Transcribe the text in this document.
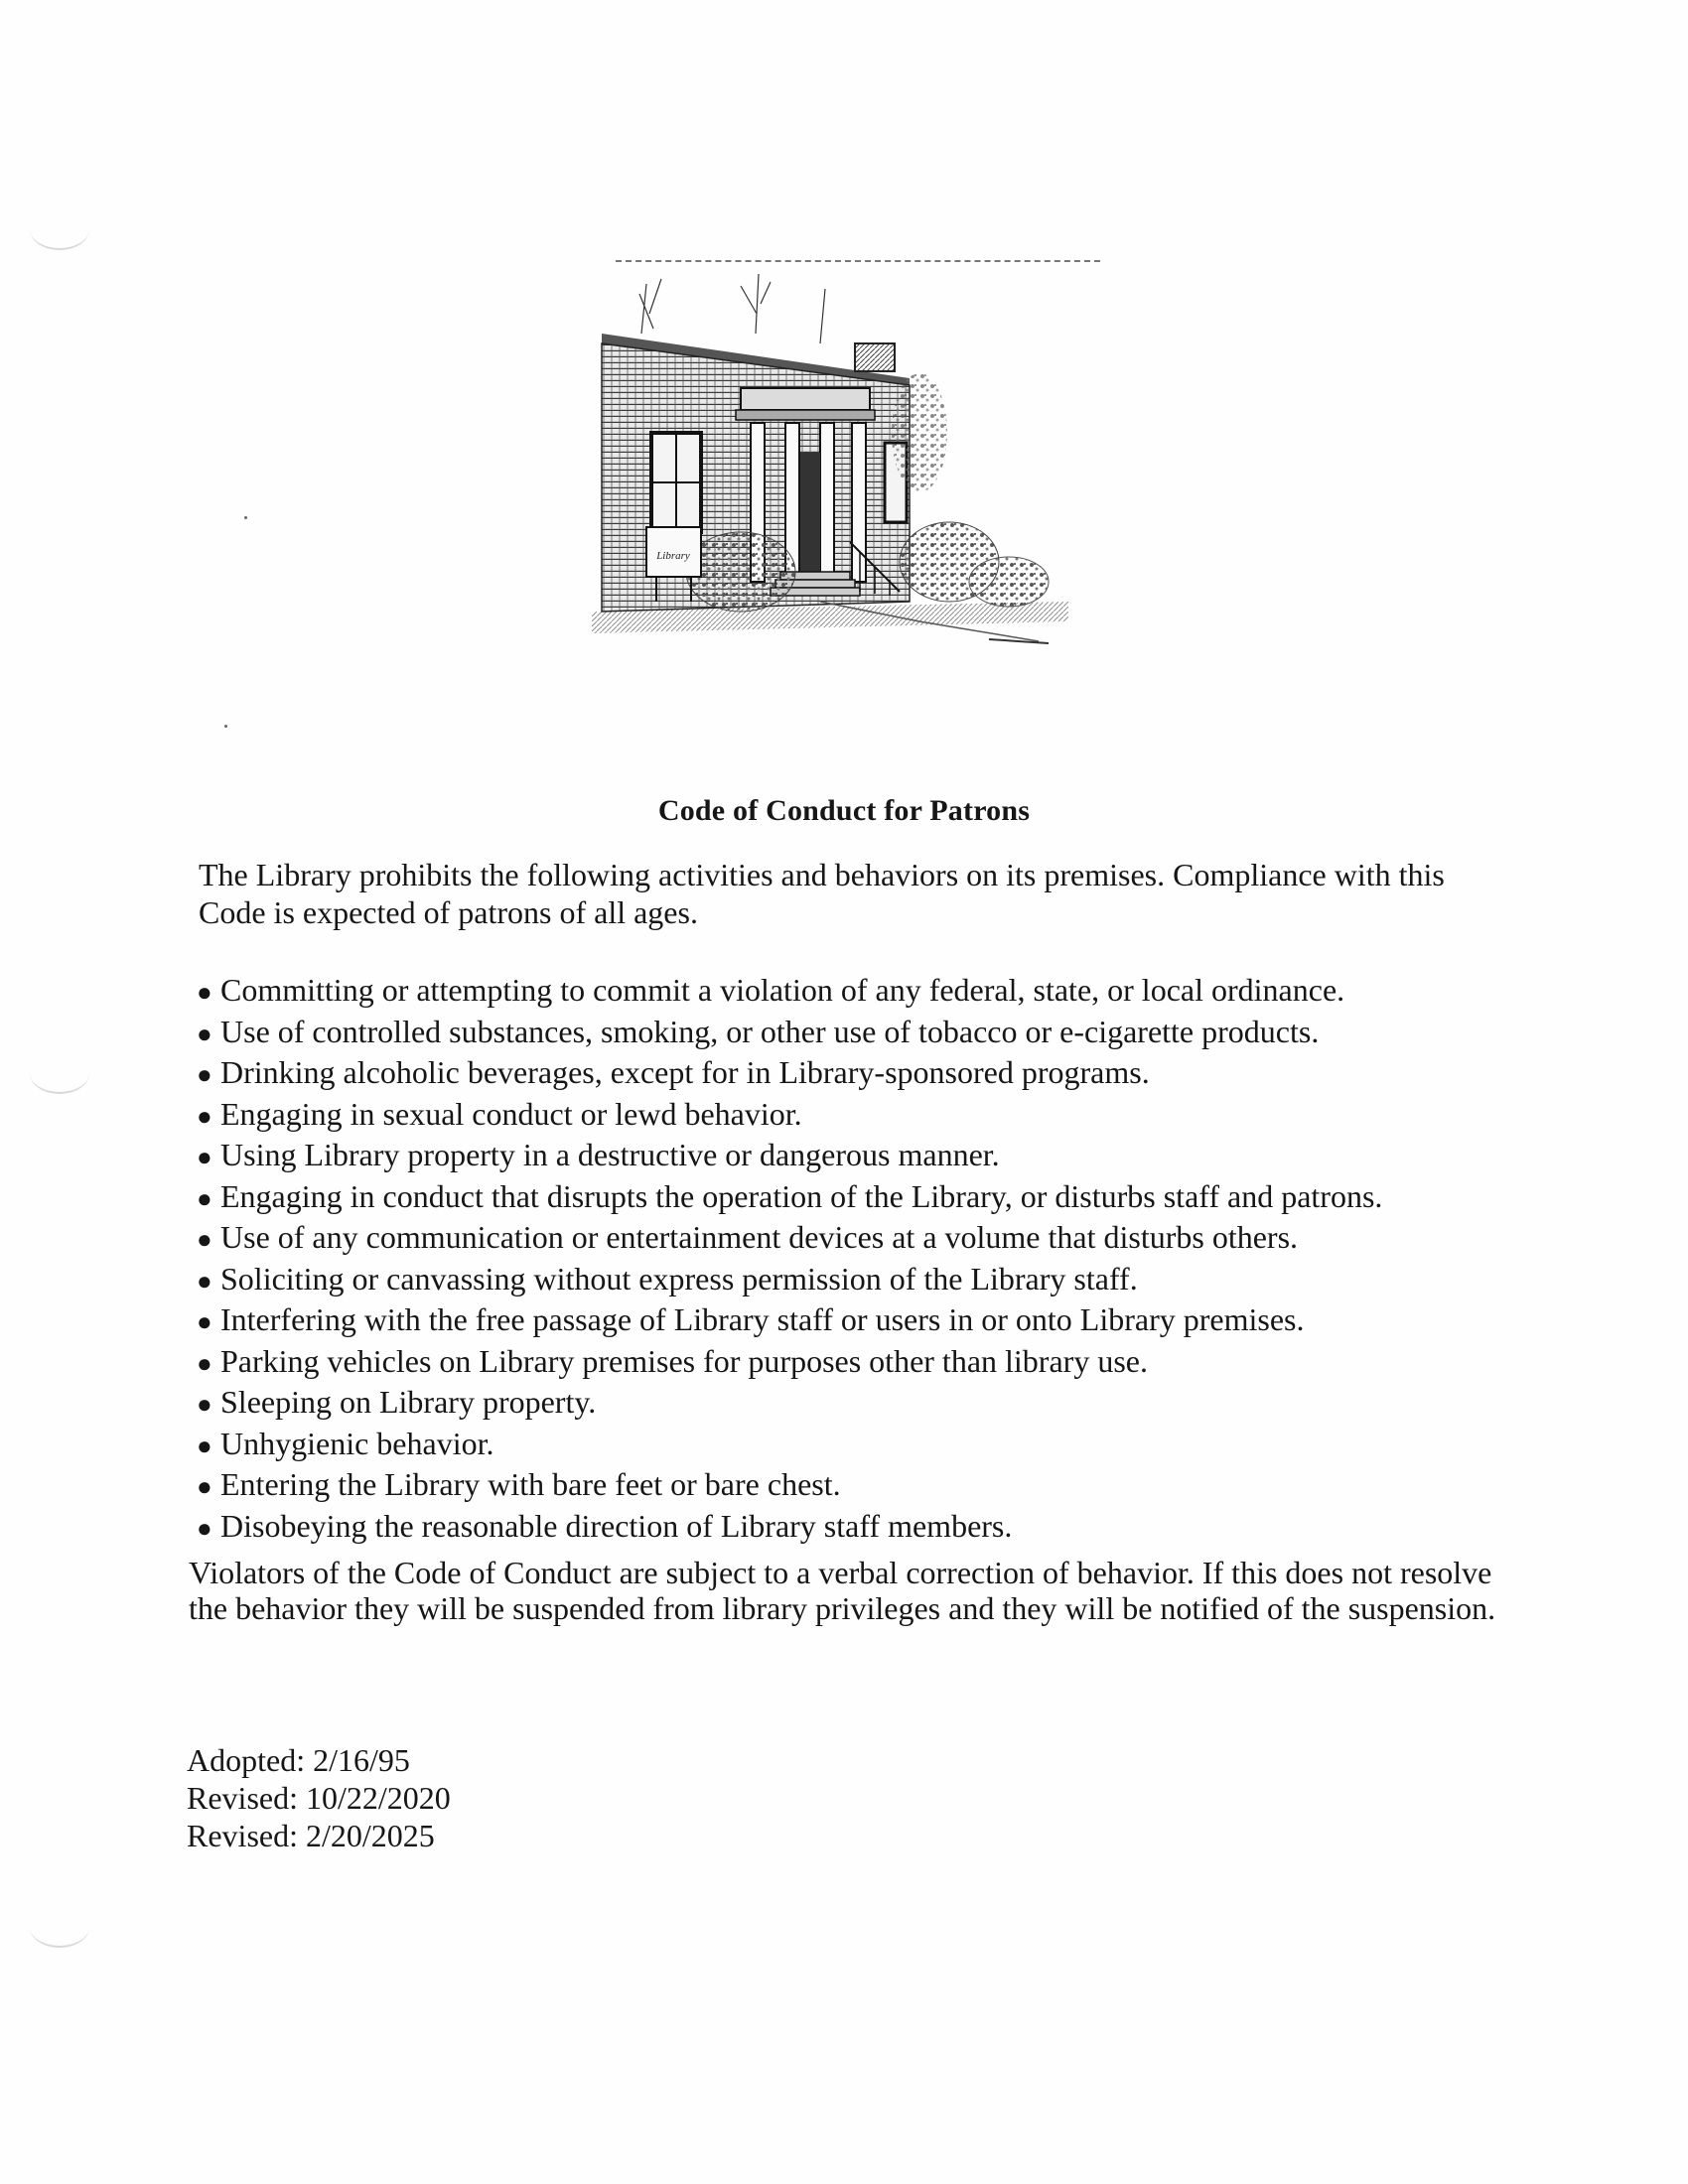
Library
Code of Conduct for Patrons
The Library prohibits the following activities and behaviors on its premises. Compliance with this Code is expected of patrons of all ages.
● Committing or attempting to commit a violation of any federal, state, or local ordinance.
● Use of controlled substances, smoking, or other use of tobacco or e-cigarette products.
● Drinking alcoholic beverages, except for in Library-sponsored programs.
● Engaging in sexual conduct or lewd behavior.
● Using Library property in a destructive or dangerous manner.
● Engaging in conduct that disrupts the operation of the Library, or disturbs staff and patrons.
● Use of any communication or entertainment devices at a volume that disturbs others.
● Soliciting or canvassing without express permission of the Library staff.
● Interfering with the free passage of Library staff or users in or onto Library premises.
● Parking vehicles on Library premises for purposes other than library use.
● Sleeping on Library property.
● Unhygienic behavior.
● Entering the Library with bare feet or bare chest.
● Disobeying the reasonable direction of Library staff members.
Violators of the Code of Conduct are subject to a verbal correction of behavior. If this does not resolve the behavior they will be suspended from library privileges and they will be notified of the suspension.
Adopted: 2/16/95
Revised: 10/22/2020
Revised: 2/20/2025
